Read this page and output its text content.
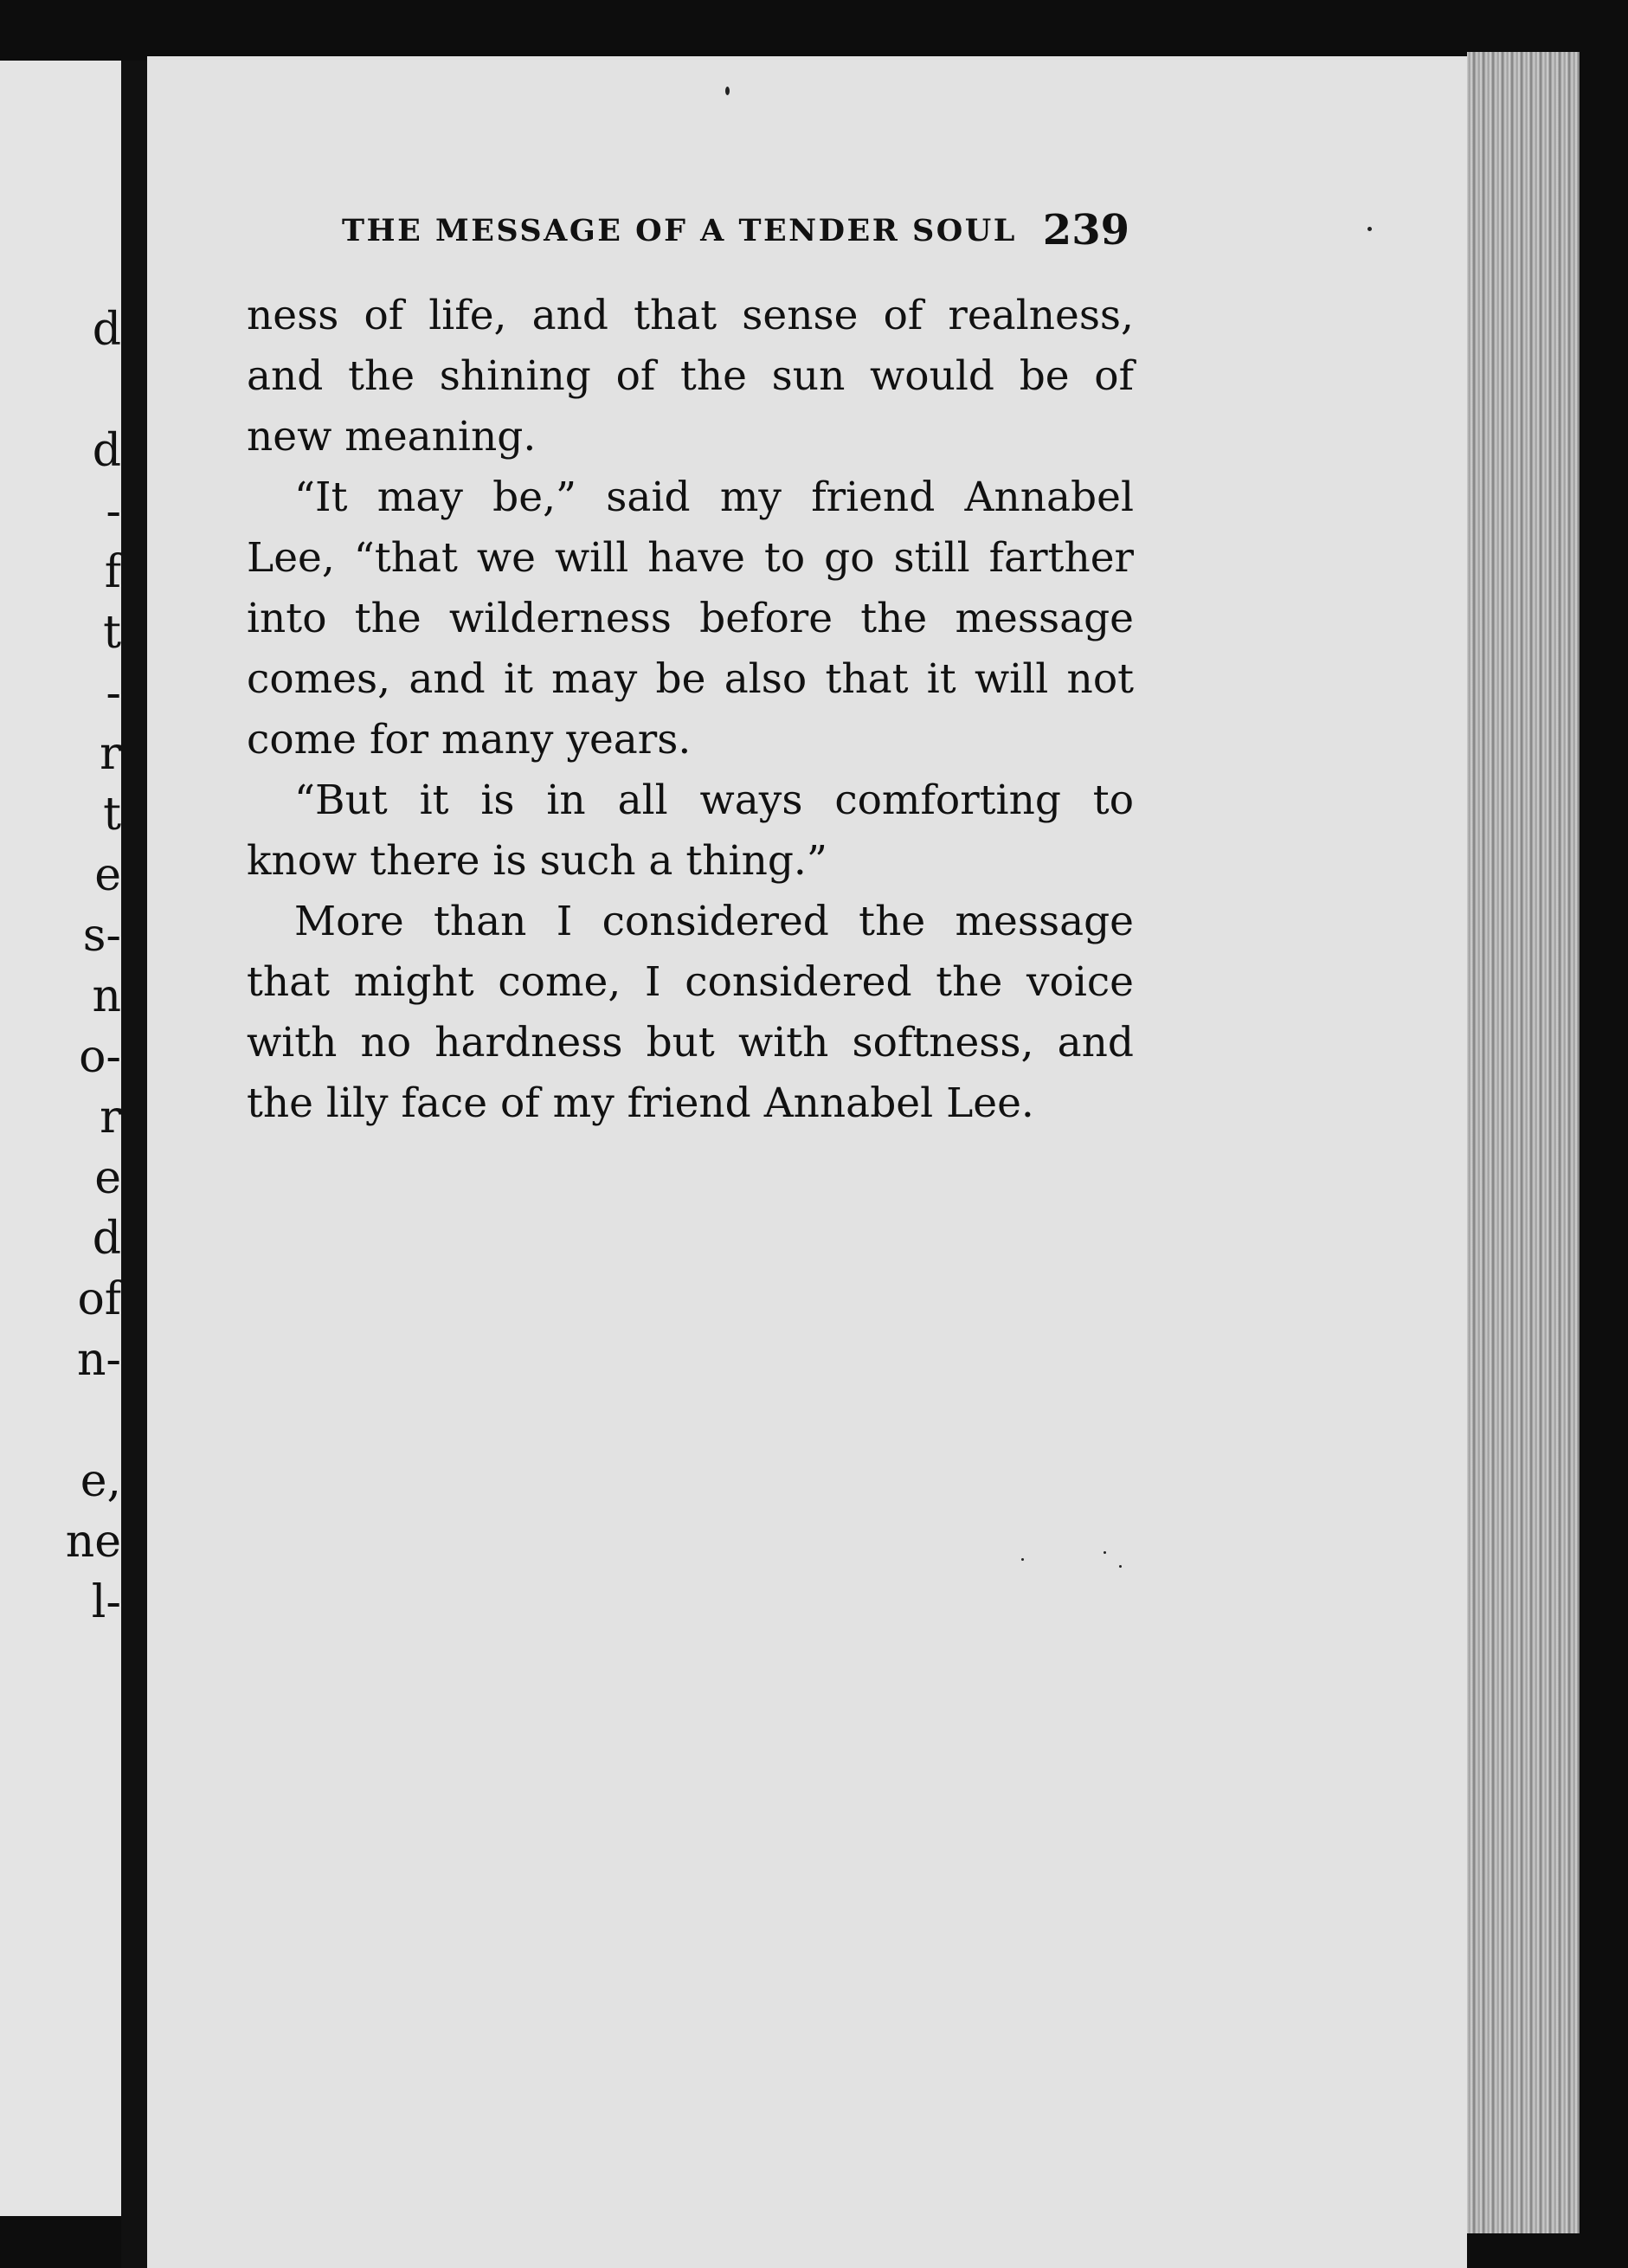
d
d
-
f
t
-
r
t
e
s-
n
o-
r
e
d
of
n-
e,
ne
l-
THE MESSAGE OF A TENDER SOUL 239
ness of life, and that sense of realness,
and the shining of the sun would be of
new meaning.
“It may be,” said my friend Annabel
Lee, “that we will have to go still farther
into the wilderness before the message
comes, and it may be also that it will not
come for many years.
“But it is in all ways comforting to
know there is such a thing.”
More than I considered the message
that might come, I considered the voice
with no hardness but with softness, and
the lily face of my friend Annabel Lee.
